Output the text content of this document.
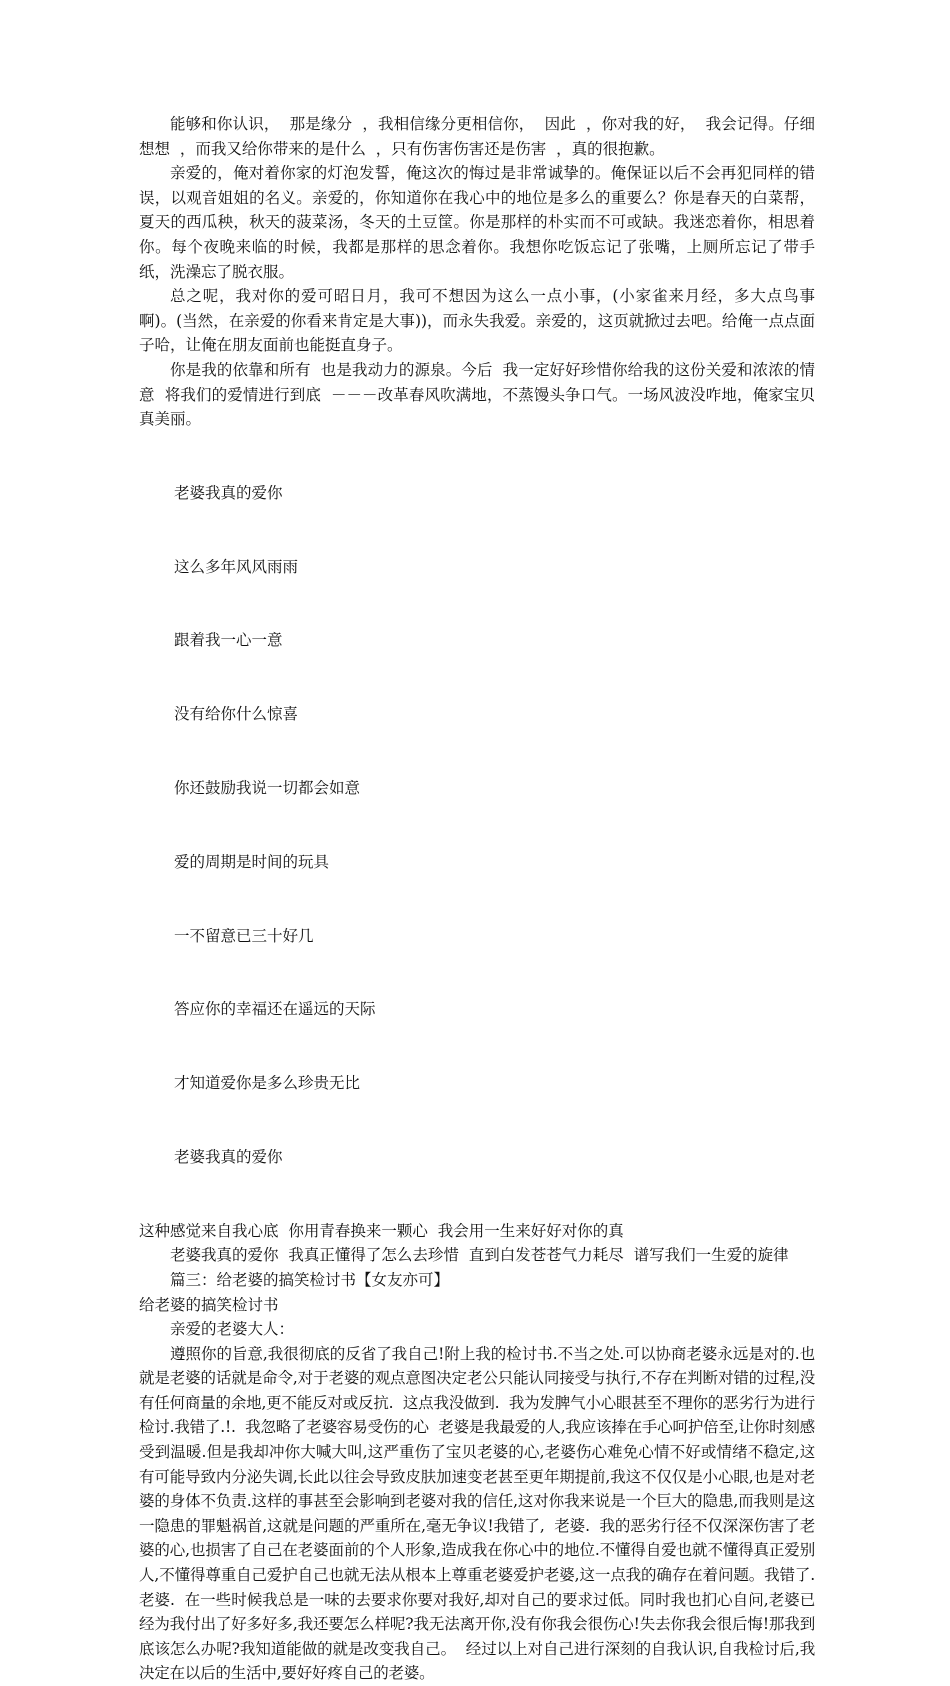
能够和你认识，  那是缘分  ，我相信缘分更相信你，  因此  ，你对我的好，  我会记得。仔细想想  ，而我又给你带来的是什么  ，只有伤害伤害还是伤害  ，真的很抱歉。

亲爱的，俺对着你家的灯泡发誓，俺这次的悔过是非常诚挚的。俺保证以后不会再犯同样的错误，以观音姐姐的名义。亲爱的，你知道你在我心中的地位是多么的重要么？你是春天的白菜帮，夏天的西瓜秧，秋天的菠菜汤，冬天的土豆筐。你是那样的朴实而不可或缺。我迷恋着你，相思着你。每个夜晚来临的时候，我都是那样的思念着你。我想你吃饭忘记了张嘴，上厕所忘记了带手纸，洗澡忘了脱衣服。

总之呢，我对你的爱可昭日月，我可不想因为这么一点小事，(小家雀来月经，多大点鸟事啊)。(当然，在亲爱的你看来肯定是大事))，而永失我爱。亲爱的，这页就掀过去吧。给俺一点点面子哈，让俺在朋友面前也能挺直身子。

你是我的依靠和所有  也是我动力的源泉。今后  我一定好好珍惜你给我的这份关爱和浓浓的情意  将我们的爱情进行到底  －－－改革春风吹满地，不蒸馒头争口气。一场风波没咋地，俺家宝贝真美丽。

老婆我真的爱你

这么多年风风雨雨

跟着我一心一意

没有给你什么惊喜

你还鼓励我说一切都会如意

爱的周期是时间的玩具

一不留意已三十好几

答应你的幸福还在遥远的天际

才知道爱你是多么珍贵无比

老婆我真的爱你

这种感觉来自我心底  你用青春换来一颗心  我会用一生来好好对你的真

老婆我真的爱你  我真正懂得了怎么去珍惜  直到白发苍苍气力耗尽  谱写我们一生爱的旋律

篇三：给老婆的搞笑检讨书【女友亦可】

给老婆的搞笑检讨书

亲爱的老婆大人：

遵照你的旨意,我很彻底的反省了我自己!附上我的检讨书.不当之处.可以协商老婆永远是对的.也就是老婆的话就是命令,对于老婆的观点意图决定老公只能认同接受与执行,不存在判断对错的过程,没有任何商量的余地,更不能反对或反抗.  这点我没做到.  我为发脾气小心眼甚至不理你的恶劣行为进行检讨.我错了.!.  我忽略了老婆容易受伤的心  老婆是我最爱的人,我应该捧在手心呵护倍至,让你时刻感受到温暖.但是我却冲你大喊大叫,这严重伤了宝贝老婆的心,老婆伤心难免心情不好或情绪不稳定,这有可能导致内分泌失调,长此以往会导致皮肤加速变老甚至更年期提前,我这不仅仅是小心眼,也是对老婆的身体不负责.这样的事甚至会影响到老婆对我的信任,这对你我来说是一个巨大的隐患,而我则是这一隐患的罪魁祸首,这就是问题的严重所在,毫无争议!我错了,  老婆.  我的恶劣行径不仅深深伤害了老婆的心,也损害了自己在老婆面前的个人形象,造成我在你心中的地位.不懂得自爱也就不懂得真正爱别人,不懂得尊重自己爱护自己也就无法从根本上尊重老婆爱护老婆,这一点我的确存在着问题。我错了.  老婆.  在一些时候我总是一味的去要求你要对我好,却对自己的要求过低。同时我也扪心自问,老婆已经为我付出了好多好多,我还要怎么样呢?我无法离开你,没有你我会很伤心!失去你我会很后悔!那我到底该怎么办呢?我知道能做的就是改变我自己。  经过以上对自己进行深刻的自我认识,自我检讨后,我决定在以后的生活中,要好好疼自己的老婆。
